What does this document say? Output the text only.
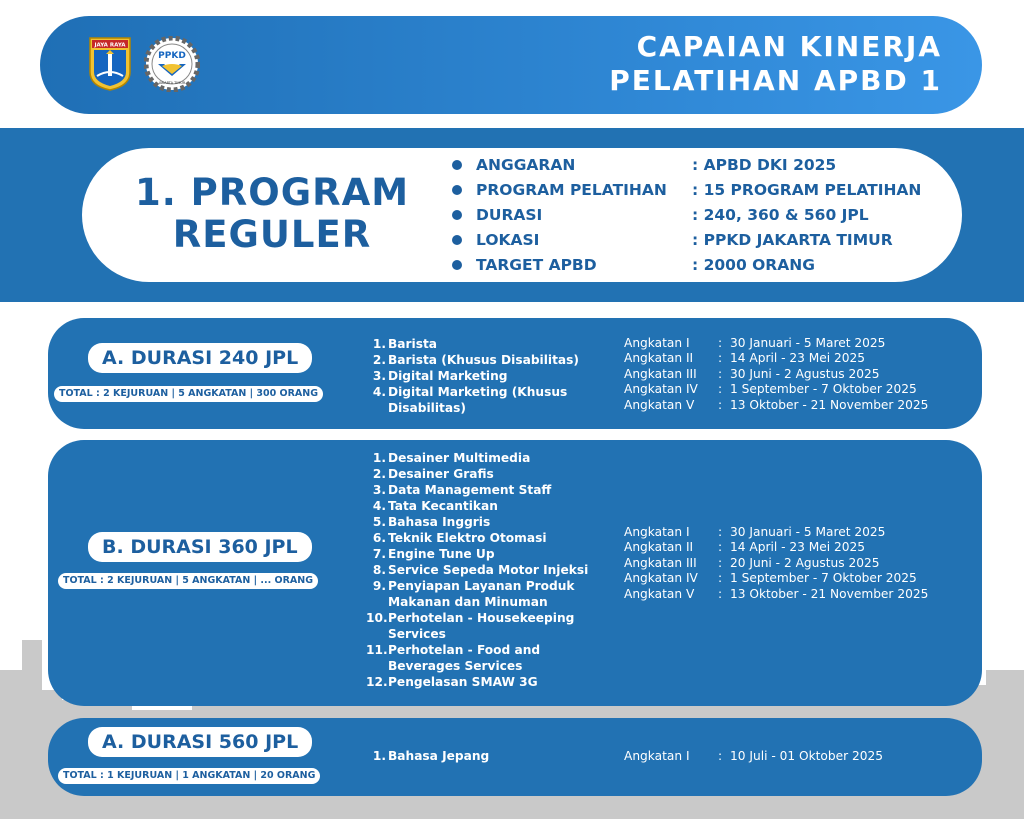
JAYA RAYA
PPKD
JAKARTA TIMUR
CAPAIAN KINERJA
PELATIHAN APBD 1
1. PROGRAM
REGULER
ANGGARAN	: APBD DKI 2025
PROGRAM PELATIHAN	: 15 PROGRAM PELATIHAN
DURASI	: 240, 360 & 560 JPL
LOKASI	: PPKD JAKARTA TIMUR
TARGET APBD	: 2000 ORANG
A. DURASI 240 JPL
TOTAL : 2 KEJURUAN | 5 ANGKATAN | 300 ORANG
1. Barista
2. Barista (Khusus Disabilitas)
3. Digital Marketing
4. Digital Marketing (Khusus Disabilitas)
Angkatan I	: 30 Januari - 5 Maret 2025
Angkatan II	: 14 April - 23 Mei 2025
Angkatan III	: 30 Juni - 2 Agustus 2025
Angkatan IV	: 1 September - 7 Oktober 2025
Angkatan V	: 13 Oktober - 21 November 2025
B. DURASI 360 JPL
TOTAL : 2 KEJURUAN | 5 ANGKATAN | ... ORANG
1. Desainer Multimedia
2. Desainer Grafis
3. Data Management Staff
4. Tata Kecantikan
5. Bahasa Inggris
6. Teknik Elektro Otomasi
7. Engine Tune Up
8. Service Sepeda Motor Injeksi
9. Penyiapan Layanan Produk Makanan dan Minuman
10. Perhotelan - Housekeeping Services
11. Perhotelan - Food and Beverages Services
12. Pengelasan SMAW 3G
Angkatan I	: 30 Januari - 5 Maret 2025
Angkatan II	: 14 April - 23 Mei 2025
Angkatan III	: 20 Juni - 2 Agustus 2025
Angkatan IV	: 1 September - 7 Oktober 2025
Angkatan V	: 13 Oktober - 21 November 2025
A. DURASI 560 JPL
TOTAL : 1 KEJURUAN | 1 ANGKATAN | 20 ORANG
1. Bahasa Jepang	Angkatan I	: 10 Juli - 01 Oktober 2025
